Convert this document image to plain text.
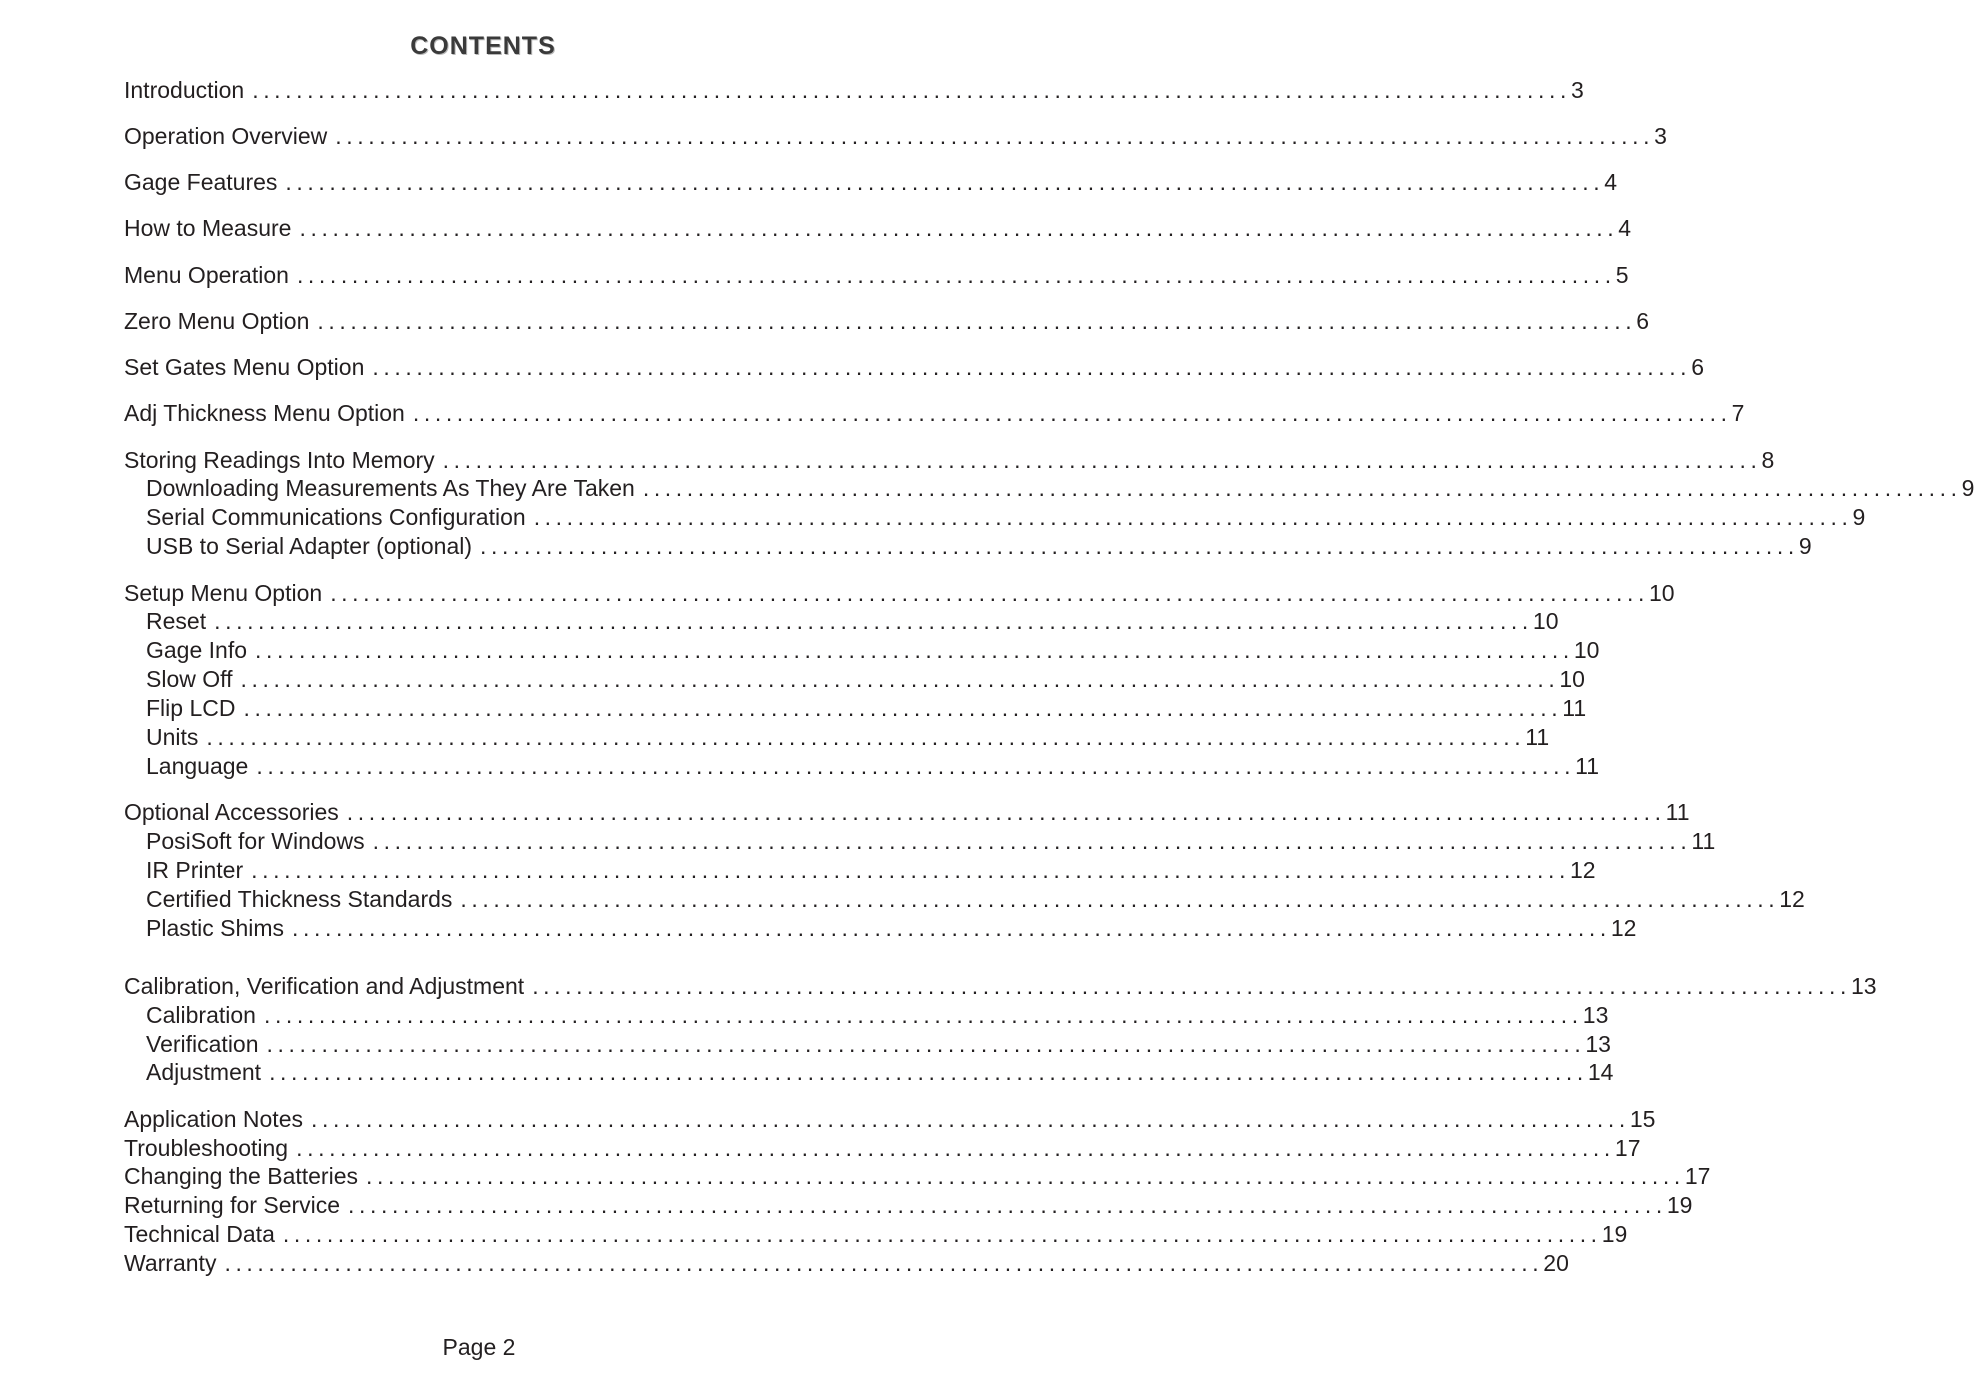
CONTENTS
Introduction ........................................................................................................................ 3
Operation Overview ........................................................................................................................ 3
Gage Features ........................................................................................................................ 4
How to Measure ........................................................................................................................ 4
Menu Operation ........................................................................................................................ 5
Zero Menu Option ........................................................................................................................ 6
Set Gates Menu Option ........................................................................................................................ 6
Adj Thickness Menu Option ........................................................................................................................ 7
Storing Readings Into Memory ........................................................................................................................ 8
Downloading Measurements As They Are Taken ........................................................................................................................ 9
Serial Communications Configuration ........................................................................................................................ 9
USB to Serial Adapter (optional) ........................................................................................................................ 9
Setup Menu Option ........................................................................................................................ 10
Reset ........................................................................................................................ 10
Gage Info ........................................................................................................................ 10
Slow Off ........................................................................................................................ 10
Flip LCD ........................................................................................................................ 11
Units ........................................................................................................................ 11
Language ........................................................................................................................ 11
Optional Accessories ........................................................................................................................ 11
PosiSoft for Windows ........................................................................................................................ 11
IR Printer ........................................................................................................................ 12
Certified Thickness Standards ........................................................................................................................ 12
Plastic Shims ........................................................................................................................ 12
Calibration, Verification and Adjustment ........................................................................................................................ 13
Calibration ........................................................................................................................ 13
Verification ........................................................................................................................ 13
Adjustment ........................................................................................................................ 14
Application Notes ........................................................................................................................ 15
Troubleshooting ........................................................................................................................ 17
Changing the Batteries ........................................................................................................................ 17
Returning for Service ........................................................................................................................ 19
Technical Data ........................................................................................................................ 19
Warranty ........................................................................................................................ 20
Page 2
